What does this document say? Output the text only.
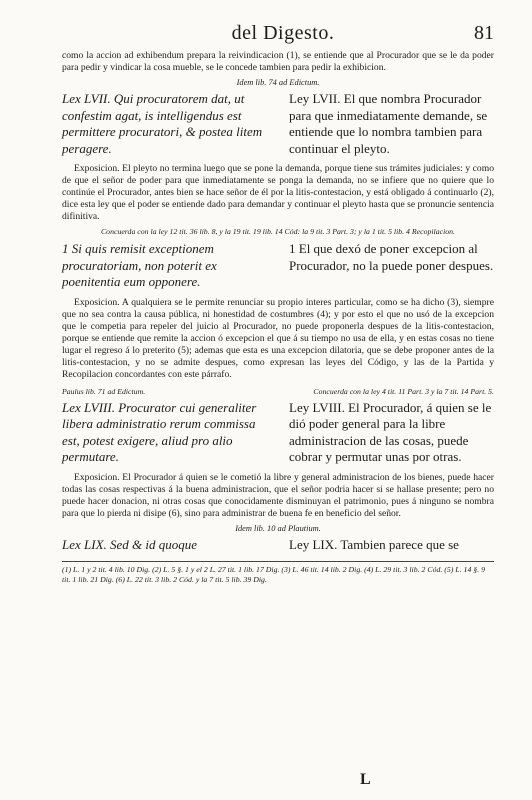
del Digesto.	81

como la accion ad exhibendum prepara la reivindicacion (1), se entiende que al Procurador que se le da poder para pedir y vindicar la cosa mueble, se le concede tambien para pedir la exhibicion.

Idem lib. 74 ad Edictum.

Lex LVII. Qui procuratorem dat, ut confestim agat, is intelligendus est permittere procuratori, & postea litem peragere.

Ley LVII. El que nombra Procurador para que inmediatamente demande, se entiende que lo nombra tambien para continuar el pleyto.

Exposicion. El pleyto no termina luego que se pone la demanda, porque tiene sus trámites judiciales: y como de que el señor de poder para que inmediatamente se ponga la demanda, no se infiere que no quiere que lo continúe el Procurador, antes bien se hace señor de él por la litis-contestacion, y está obligado á continuarlo (2), dice esta ley que el poder se entiende dado para demandar y continuar el pleyto hasta que se pronuncie sentencia difinitiva.

Concuerda con la ley 12 tit. 36 lib. 8, y la 19 tit. 19 lib. 14 Cód: la 9 tit. 3 Part. 3; y la 1 tit. 5 lib. 4 Recopilacion.

1 Si quis remisit exceptionem procuratoriam, non poterit ex poenitentia eum opponere.

1 El que dexó de poner excepcion al Procurador, no la puede poner despues.

Exposicion. A qualquiera se le permite renunciar su propio interes particular, como se ha dicho (3), siempre que no sea contra la causa pública, ni honestidad de costumbres (4); y por esto el que no usó de la excepcion que le competia para repeler del juicio al Procurador, no puede proponerla despues de la litis-contestacion, porque se entiende que remite la accion ó excepcion el que á su tiempo no usa de ella, y en estas cosas no tiene lugar el regreso á lo preterito (5); ademas que esta es una excepcion dilatoria, que se debe proponer antes de la litis-contestacion, y no se admite despues, como expresan las leyes del Código, y las de la Partida y Recopilacion concordantes con este párrafo.

Paulus lib. 71 ad Edictum.	Concuerda con la ley 4 tit. 11 Part. 3 y la 7 tit. 14 Part. 5.

Lex LVIII. Procurator cui generaliter libera administratio rerum commissa est, potest exigere, aliud pro alio permutare.

Ley LVIII. El Procurador, á quien se le dió poder general para la libre administracion de las cosas, puede cobrar y permutar unas por otras.

Exposicion. El Procurador á quien se le cometió la libre y general administracion de los bienes, puede hacer todas las cosas respectivas á la buena administracion, que el señor podria hacer si se hallase presente; pero no puede hacer donacion, ni otras cosas que conocidamente disminuyan el patrimonio, pues á ninguno se nombra para que lo pierda ni disipe (6), sino para administrar de buena fe en beneficio del señor.

Idem lib. 10 ad Plautium.

Lex LIX. Sed & id quoque	Ley LIX. Tambien parece que se

(1) L. 1 y 2 tit. 4 lib. 10 Dig. (2) L. 5 §. 1 y el 2 L. 27 tit. 1 lib. 17 Dig. (3) L. 46 tit. 14 lib. 2 Dig. (4) L. 29 tit. 3 lib. 2 Cód. (5) L. 14 §. 9 tit. 1 lib. 21 Dig. (6) L. 22 tit. 3 lib. 2 Cód. y la 7 tit. 5 lib. 39 Dig.
L
